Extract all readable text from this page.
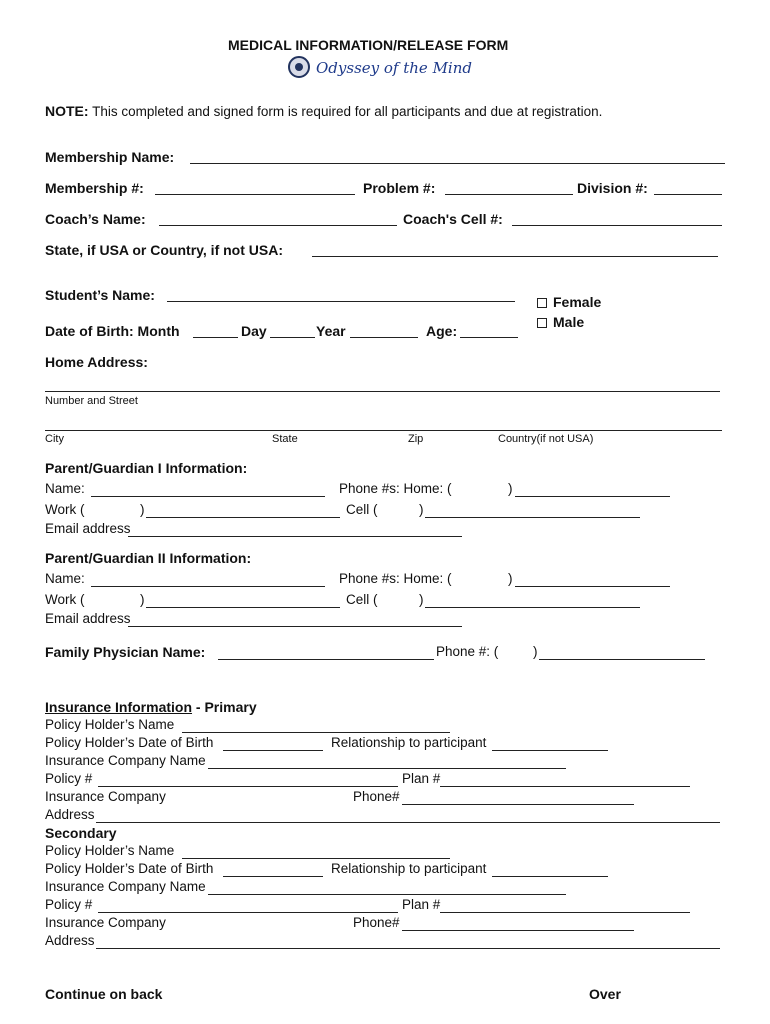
MEDICAL INFORMATION/RELEASE FORM
Odyssey of the Mind
NOTE: This completed and signed form is required for all participants and due at registration.
Membership Name:
Membership #:	Problem #:	Division #:
Coach’s Name:	Coach's Cell #:
State, if USA or Country, if not USA:
Student’s Name:	Female
Male
Date of Birth: Month	Day	Year	Age:
Home Address:
Number and Street
City	State	Zip	Country(if not USA)
Parent/Guardian I Information:
Name:	Phone #s: Home: (	)
Work (	)	Cell (	)
Email address
Parent/Guardian II Information:
Name:	Phone #s: Home: (	)
Work (	)	Cell (	)
Email address
Family Physician Name:	Phone #: (	)
Insurance Information - Primary
Policy Holder’s Name
Policy Holder’s Date of Birth	Relationship to participant
Insurance Company Name
Policy #	Plan #
Insurance Company	Phone#
Address
Secondary
Policy Holder’s Name
Policy Holder’s Date of Birth	Relationship to participant
Insurance Company Name
Policy #	Plan #
Insurance Company	Phone#
Address
Continue on back	Over
